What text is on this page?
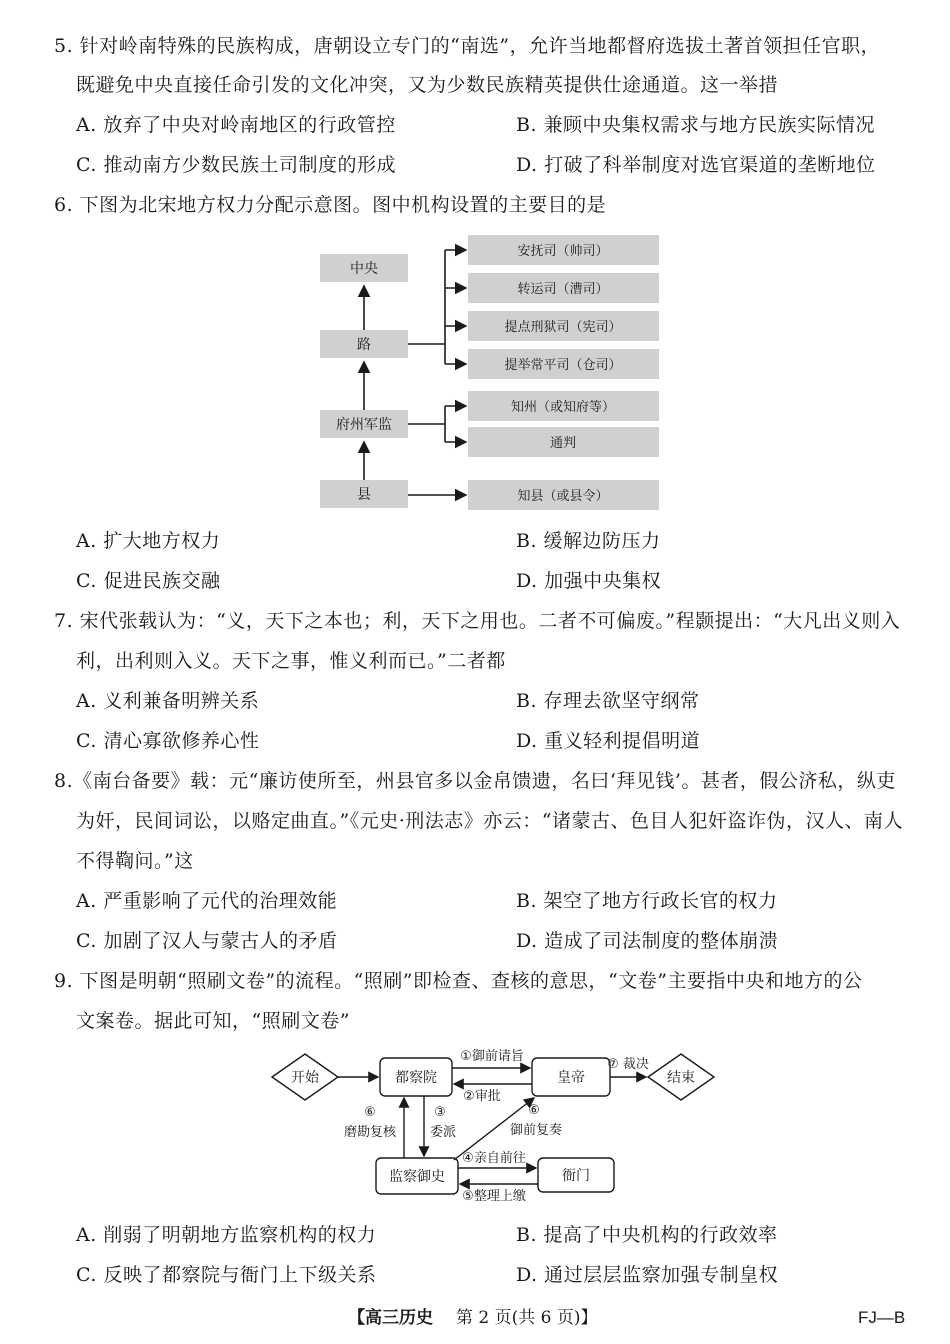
5. 针对岭南特殊的民族构成，唐朝设立专门的“南选”，允许当地都督府选拔土著首领担任官职，
既避免中央直接任命引发的文化冲突，又为少数民族精英提供仕途通道。这一举措
A. 放弃了中央对岭南地区的行政管控	B. 兼顾中央集权需求与地方民族实际情况
C. 推动南方少数民族土司制度的形成	D. 打破了科举制度对选官渠道的垄断地位
6. 下图为北宋地方权力分配示意图。图中机构设置的主要目的是
中央
路
府州军监
县
安抚司（帅司）
转运司（漕司）
提点刑狱司（宪司）
提举常平司（仓司）
知州（或知府等）
通判
知县（或县令）
A. 扩大地方权力	B. 缓解边防压力
C. 促进民族交融	D. 加强中央集权
7. 宋代张载认为：“义，天下之本也；利，天下之用也。二者不可偏废。”程颢提出：“大凡出义则入
利，出利则入义。天下之事，惟义利而已。”二者都
A. 义利兼备明辨关系	B. 存理去欲坚守纲常
C. 清心寡欲修养心性	D. 重义轻利提倡明道
8.《南台备要》载：元“廉访使所至，州县官多以金帛馈遗，名曰‘拜见钱’。甚者，假公济私，纵吏
为奸，民间词讼，以赂定曲直。”《元史·刑法志》亦云：“诸蒙古、色目人犯奸盗诈伪，汉人、南人
不得鞫问。”这
A. 严重影响了元代的治理效能	B. 架空了地方行政长官的权力
C. 加剧了汉人与蒙古人的矛盾	D. 造成了司法制度的整体崩溃
9. 下图是明朝“照刷文卷”的流程。“照刷”即检查、查核的意思，“文卷”主要指中央和地方的公
文案卷。据此可知，“照刷文卷”
开始	都察院	皇帝	结束
监察御史	衙门
①御前请旨
②审批
⑦ 裁决
⑥
磨勘复核
③
委派
⑥
御前复奏
④亲自前往
⑤整理上缴
A. 削弱了明朝地方监察机构的权力	B. 提高了中央机构的行政效率
C. 反映了都察院与衙门上下级关系	D. 通过层层监察加强专制皇权
【高三历史 第 2 页(共 6 页)】	FJ—B
